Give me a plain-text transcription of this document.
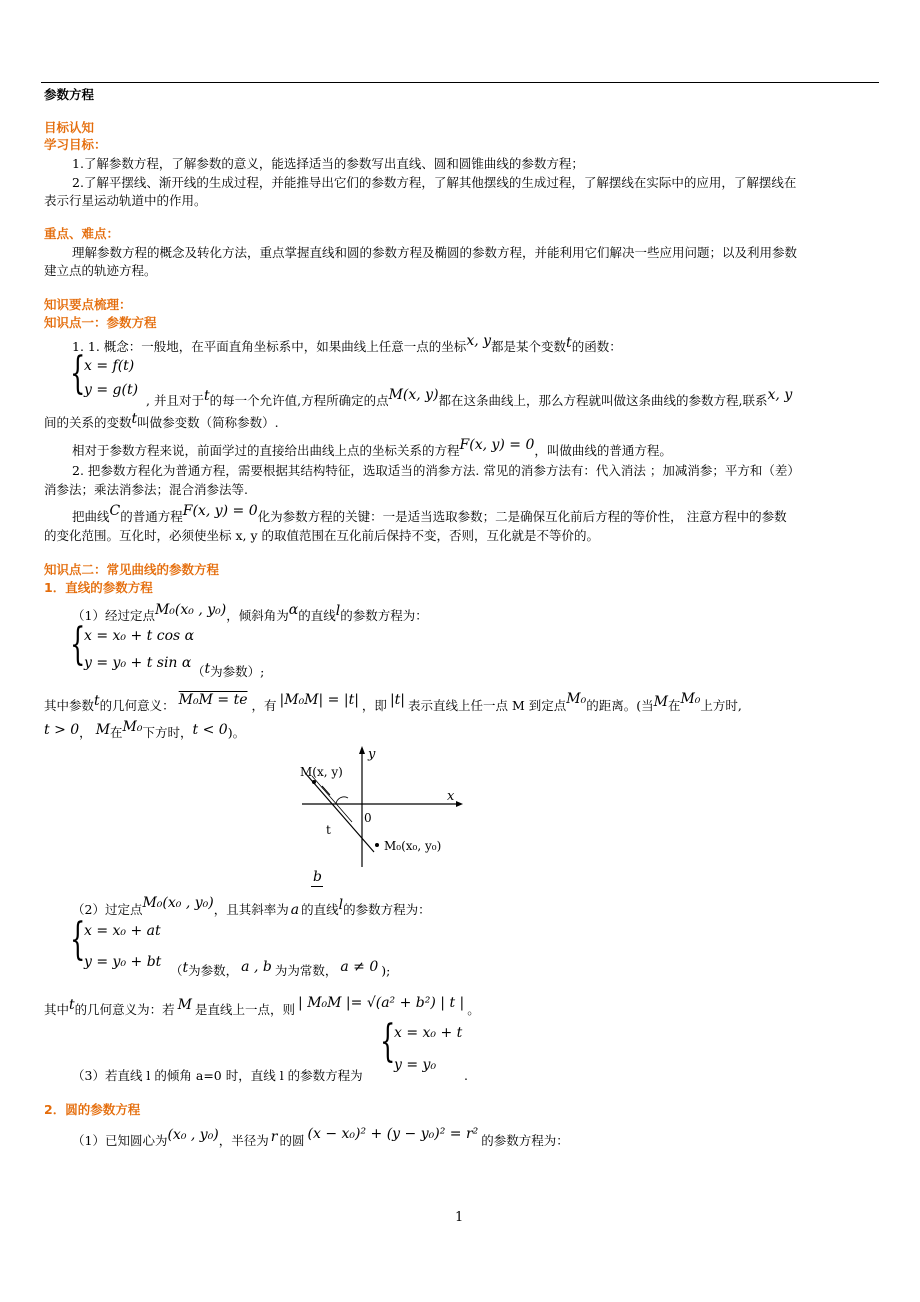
参数方程
目标认知
学习目标：
1.了解参数方程，了解参数的意义，能选择适当的参数写出直线、圆和圆锥曲线的参数方程；
2.了解平摆线、渐开线的生成过程，并能推导出它们的参数方程，了解其他摆线的生成过程，了解摆线在实际中的应用，了解摆线在
表示行星运动轨道中的作用。
重点、难点：
理解参数方程的概念及转化方法，重点掌握直线和圆的参数方程及椭圆的参数方程，并能利用它们解决一些应用问题；以及利用参数
建立点的轨迹方程。
知识要点梳理：
知识点一：参数方程
1. 1. 概念：一般地，在平面直角坐标系中，如果曲线上任意一点的坐标x, y都是某个变数t的函数：
{
x = f(t)
y = g(t)
, 并且对于t的每一个允许值,方程所确定的点M(x, y)都在这条曲线上，那么方程就叫做这条曲线的参数方程,联系x, y
间的关系的变数t叫做参变数（简称参数）.
相对于参数方程来说，前面学过的直接给出曲线上点的坐标关系的方程F(x, y) = 0，叫做曲线的普通方程。
2. 把参数方程化为普通方程，需要根据其结构特征，选取适当的消参方法. 常见的消参方法有：代入消法 ；加减消参；平方和（差）
消参法；乘法消参法；混合消参法等.
把曲线C的普通方程F(x, y) = 0化为参数方程的关键：一是适当选取参数；二是确保互化前后方程的等价性， 注意方程中的参数
的变化范围。互化时，必须使坐标 x, y 的取值范围在互化前后保持不变，否则，互化就是不等价的。
知识点二：常见曲线的参数方程
1．直线的参数方程
（1）经过定点M₀(x₀ , y₀)，倾斜角为α的直线l的参数方程为：
{
x = x₀ + t cos α
y = y₀ + t sin α
（t为参数）;
其中参数t的几何意义： M₀M = te ，有 |M₀M| = |t| ，即 |t| 表示直线上任一点 M 到定点M₀的距离。(当M在M₀上方时,
t > 0， M在M₀下方时，t < 0)。
y
x
M(x, y)
t
0
M₀(x₀, y₀)
b
（2）过定点M₀(x₀ , y₀)，且其斜率为 a 的直线l的参数方程为：
{
x = x₀ + at
y = y₀ + bt
（t为参数， a , b 为为常数， a ≠ 0 );
其中t的几何意义为：若 M 是直线上一点，则 | M₀M |= √(a² + b²) | t | 。
{
x = x₀ + t
y = y₀
（3）若直线 l 的倾角 a=0 时，直线 l 的参数方程为	.
2．圆的参数方程
（1）已知圆心为(x₀ , y₀)，半径为 r 的圆 (x − x₀)² + (y − y₀)² = r² 的参数方程为：
1
